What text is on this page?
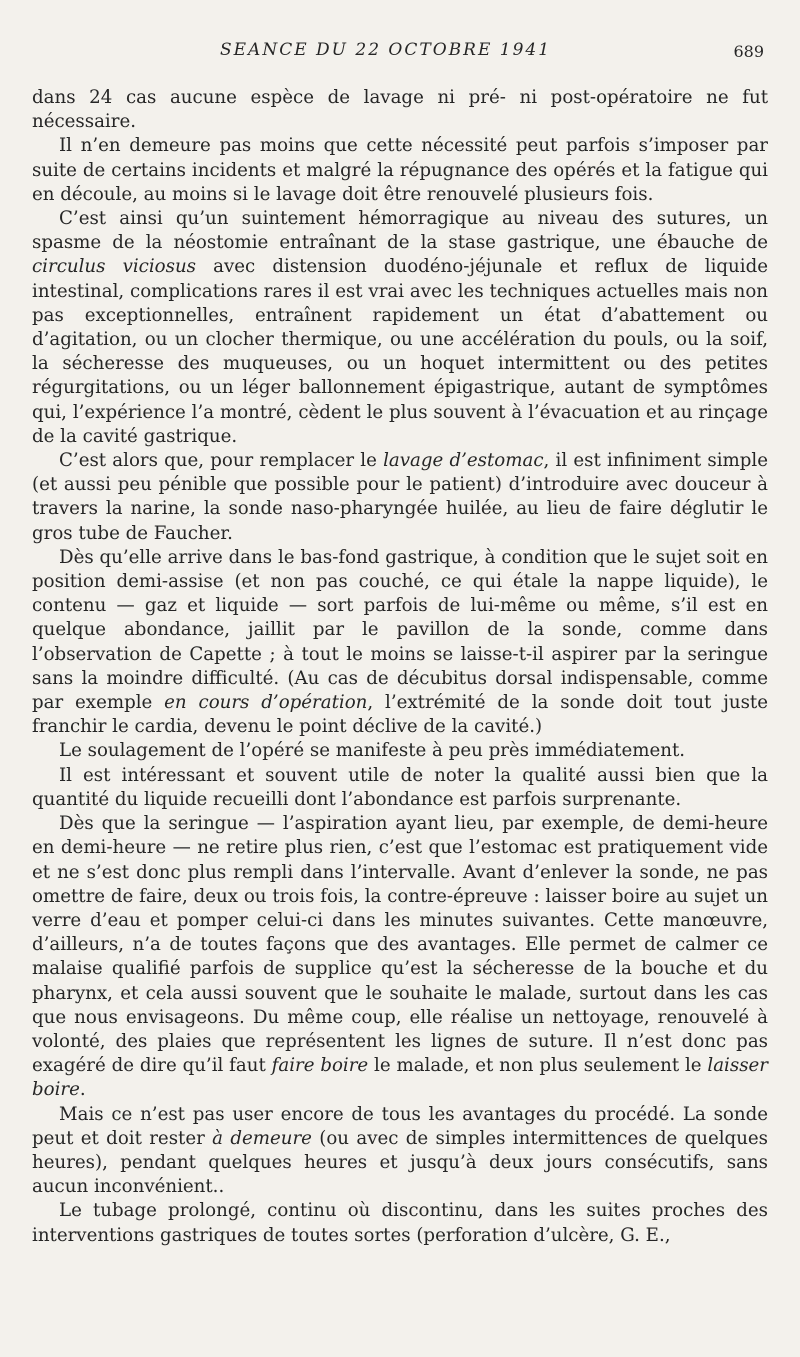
SEANCE DU 22 OCTOBRE 1941	689

dans 24 cas aucune espèce de lavage ni pré- ni post-opératoire ne fut nécessaire.

Il n’en demeure pas moins que cette nécessité peut parfois s’imposer par suite de certains incidents et malgré la répugnance des opérés et la fatigue qui en découle, au moins si le lavage doit être renouvelé plusieurs fois.

C’est ainsi qu’un suintement hémorragique au niveau des sutures, un spasme de la néostomie entraînant de la stase gastrique, une ébauche de circulus viciosus avec distension duodéno-jéjunale et reflux de liquide intestinal, complications rares il est vrai avec les techniques actuelles mais non pas exceptionnelles, entraînent rapidement un état d’abattement ou d’agitation, ou un clocher thermique, ou une accélération du pouls, ou la soif, la sécheresse des muqueuses, ou un hoquet intermittent ou des petites régurgitations, ou un léger ballonnement épigastrique, autant de symptômes qui, l’expérience l’a montré, cèdent le plus souvent à l’évacuation et au rinçage de la cavité gastrique.

C’est alors que, pour remplacer le lavage d’estomac, il est infiniment simple (et aussi peu pénible que possible pour le patient) d’introduire avec douceur à travers la narine, la sonde naso-pharyngée huilée, au lieu de faire déglutir le gros tube de Faucher.

Dès qu’elle arrive dans le bas-fond gastrique, à condition que le sujet soit en position demi-assise (et non pas couché, ce qui étale la nappe liquide), le contenu — gaz et liquide — sort parfois de lui-même ou même, s’il est en quelque abondance, jaillit par le pavillon de la sonde, comme dans l’observation de Capette ; à tout le moins se laisse-t-il aspirer par la seringue sans la moindre difficulté. (Au cas de décubitus dorsal indispensable, comme par exemple en cours d’opération, l’extrémité de la sonde doit tout juste franchir le cardia, devenu le point déclive de la cavité.)

Le soulagement de l’opéré se manifeste à peu près immédiatement.

Il est intéressant et souvent utile de noter la qualité aussi bien que la quantité du liquide recueilli dont l’abondance est parfois surprenante.

Dès que la seringue — l’aspiration ayant lieu, par exemple, de demi-heure en demi-heure — ne retire plus rien, c’est que l’estomac est pratiquement vide et ne s’est donc plus rempli dans l’intervalle. Avant d’enlever la sonde, ne pas omettre de faire, deux ou trois fois, la contre-épreuve : laisser boire au sujet un verre d’eau et pomper celui-ci dans les minutes suivantes. Cette manœuvre, d’ailleurs, n’a de toutes façons que des avantages. Elle permet de calmer ce malaise qualifié parfois de supplice qu’est la sécheresse de la bouche et du pharynx, et cela aussi souvent que le souhaite le malade, surtout dans les cas que nous envisageons. Du même coup, elle réalise un nettoyage, renouvelé à volonté, des plaies que représentent les lignes de suture. Il n’est donc pas exagéré de dire qu’il faut faire boire le malade, et non plus seulement le laisser boire.

Mais ce n’est pas user encore de tous les avantages du procédé. La sonde peut et doit rester à demeure (ou avec de simples intermittences de quelques heures), pendant quelques heures et jusqu’à deux jours consécutifs, sans aucun inconvénient..

Le tubage prolongé, continu où discontinu, dans les suites proches des interventions gastriques de toutes sortes (perforation d’ulcère, G. E.,
